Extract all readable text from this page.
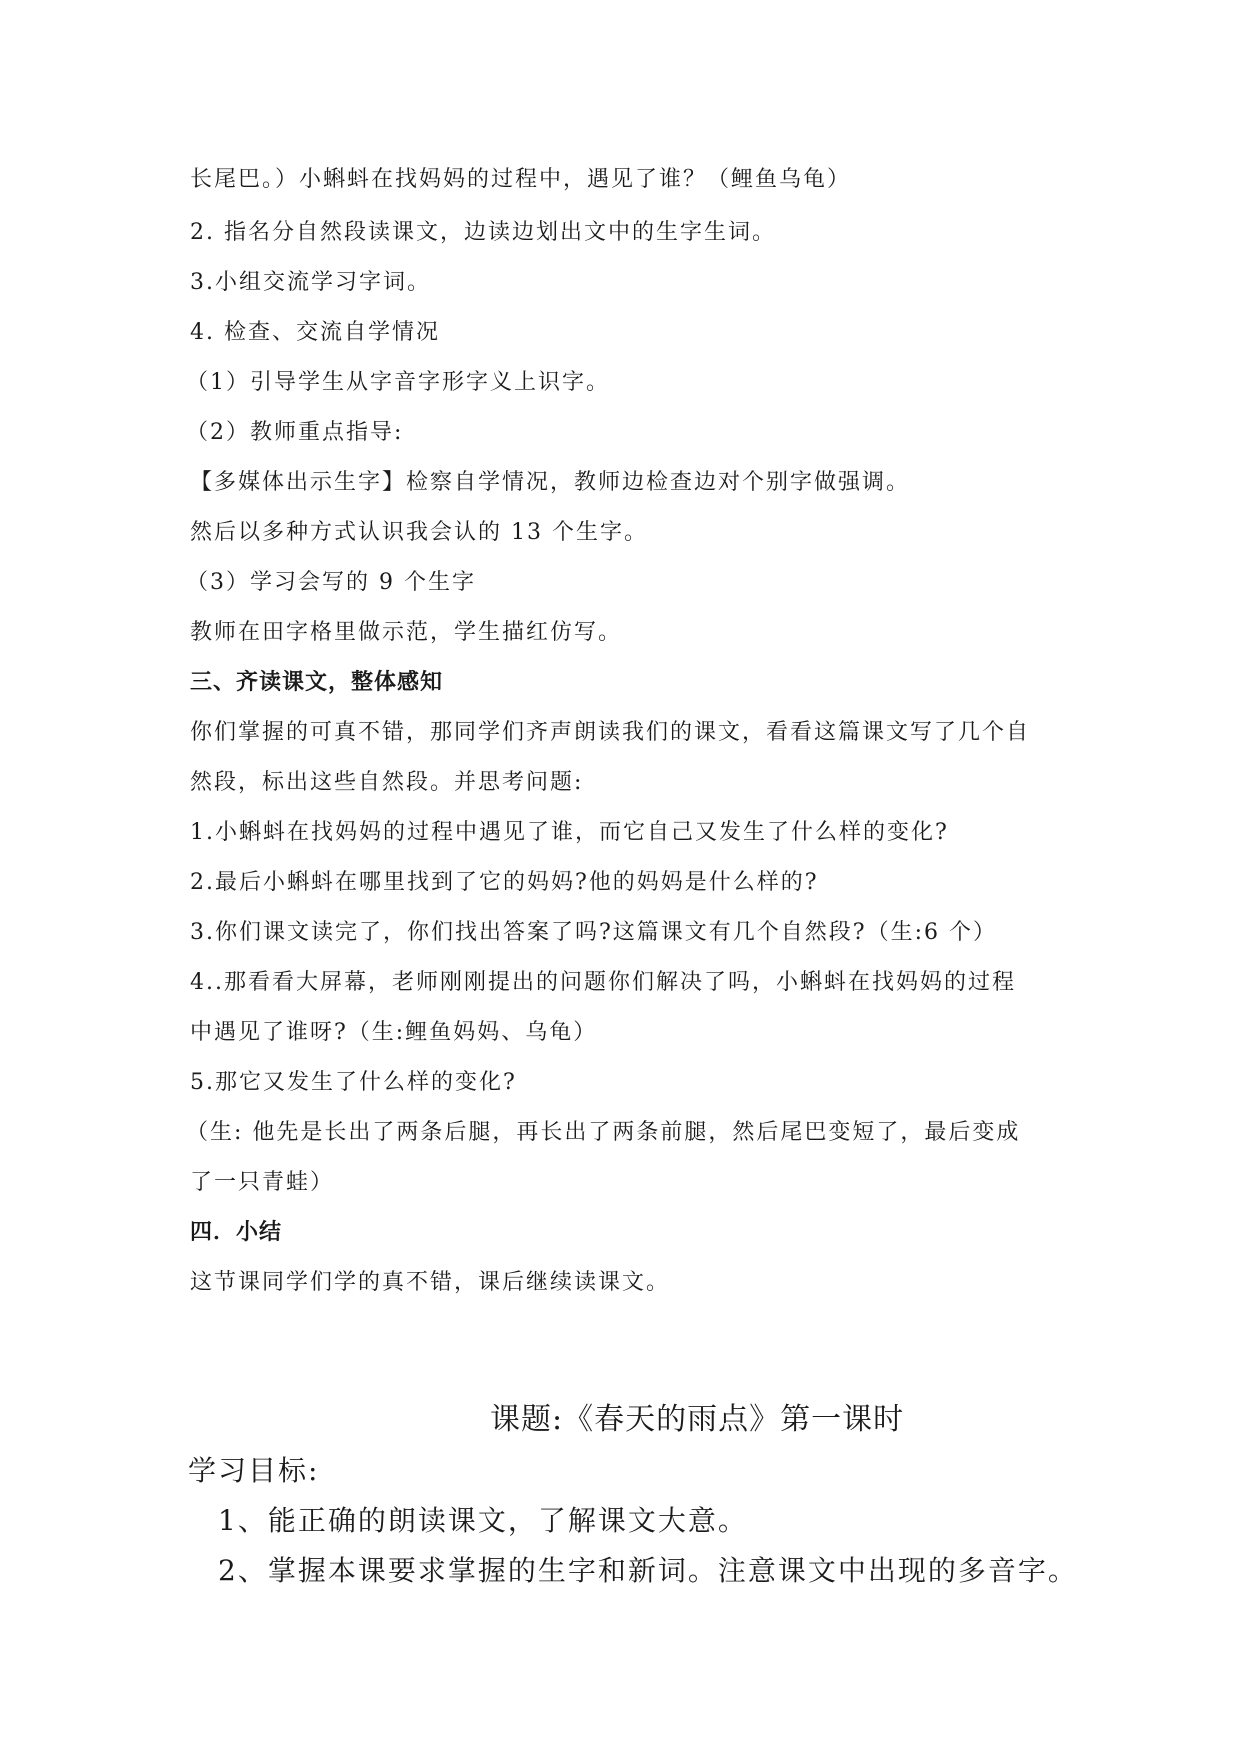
长尾巴。）小蝌蚪在找妈妈的过程中，遇见了谁？（鲤鱼乌龟）
2. 指名分自然段读课文，边读边划出文中的生字生词。
3.小组交流学习字词。
4. 检查、交流自学情况
（1）引导学生从字音字形字义上识字。
（2）教师重点指导:
【多媒体出示生字】检察自学情况，教师边检查边对个别字做强调。
然后以多种方式认识我会认的 13 个生字。
（3）学习会写的 9 个生字
教师在田字格里做示范，学生描红仿写。
三、齐读课文，整体感知
你们掌握的可真不错，那同学们齐声朗读我们的课文，看看这篇课文写了几个自
然段，标出这些自然段。并思考问题:
1.小蝌蚪在找妈妈的过程中遇见了谁，而它自己又发生了什么样的变化?
2.最后小蝌蚪在哪里找到了它的妈妈?他的妈妈是什么样的?
3.你们课文读完了，你们找出答案了吗?这篇课文有几个自然段?（生:6 个）
4..那看看大屏幕，老师刚刚提出的问题你们解决了吗，小蝌蚪在找妈妈的过程
中遇见了谁呀?（生:鲤鱼妈妈、乌龟）
5.那它又发生了什么样的变化?
（生: 他先是长出了两条后腿，再长出了两条前腿，然后尾巴变短了，最后变成
了一只青蛙）
四．小结
这节课同学们学的真不错，课后继续读课文。
课题:《春天的雨点》第一课时
学习目标:
1、能正确的朗读课文，了解课文大意。
2、掌握本课要求掌握的生字和新词。注意课文中出现的多音字。
